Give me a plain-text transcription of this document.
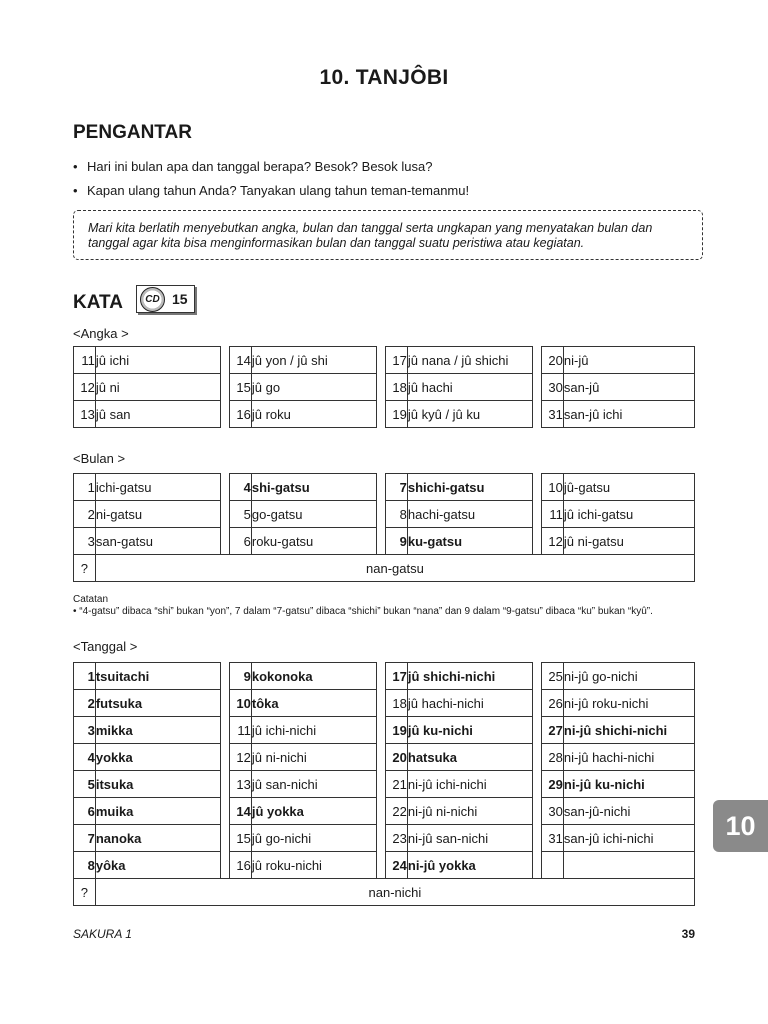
10. TANJÔBI
PENGANTAR
• Hari ini bulan apa dan tanggal berapa? Besok? Besok lusa?
• Kapan ulang tahun Anda? Tanyakan ulang tahun teman-temanmu!

Mari kita berlatih menyebutkan angka, bulan dan tanggal serta ungkapan yang menyatakan bulan dan
tanggal agar kita bisa menginformasikan bulan dan tanggal suatu peristiwa atau kegiatan.

KATA CD 15
<Angka >
11	jû ichi		14	jû yon / jû shi		17	jû nana / jû shichi		20	ni-jû
12	jû ni		15	jû go		18	jû hachi		30	san-jû
13	jû san		16	jû roku		19	jû kyû / jû ku		31	san-jû ichi
<Bulan >
1	ichi-gatsu		4	shi-gatsu		7	shichi-gatsu		10	jû-gatsu
2	ni-gatsu		5	go-gatsu		8	hachi-gatsu		11	jû ichi-gatsu
3	san-gatsu		6	roku-gatsu		9	ku-gatsu		12	jû ni-gatsu
?	nan-gatsu									
Catatan
• “4-gatsu” dibaca “shi” bukan “yon”, 7 dalam “7-gatsu” dibaca “shichi” bukan “nana” dan 9 dalam “9-gatsu” dibaca “ku” bukan “kyû”.
<Tanggal >
1	tsuitachi		9	kokonoka		17	jû shichi-nichi		25	ni-jû go-nichi
2	futsuka		10	tôka		18	jû hachi-nichi		26	ni-jû roku-nichi
3	mikka		11	jû ichi-nichi		19	jû ku-nichi		27	ni-jû shichi-nichi
4	yokka		12	jû ni-nichi		20	hatsuka		28	ni-jû hachi-nichi
5	itsuka		13	jû san-nichi		21	ni-jû ichi-nichi		29	ni-jû ku-nichi
6	muika		14	jû yokka		22	ni-jû ni-nichi		30	san-jû-nichi
7	nanoka		15	jû go-nichi		23	ni-jû san-nichi		31	san-jû ichi-nichi
8	yôka		16	jû roku-nichi		24	ni-jû yokka			
?	nan-nichi									
10
SAKURA 1	39
